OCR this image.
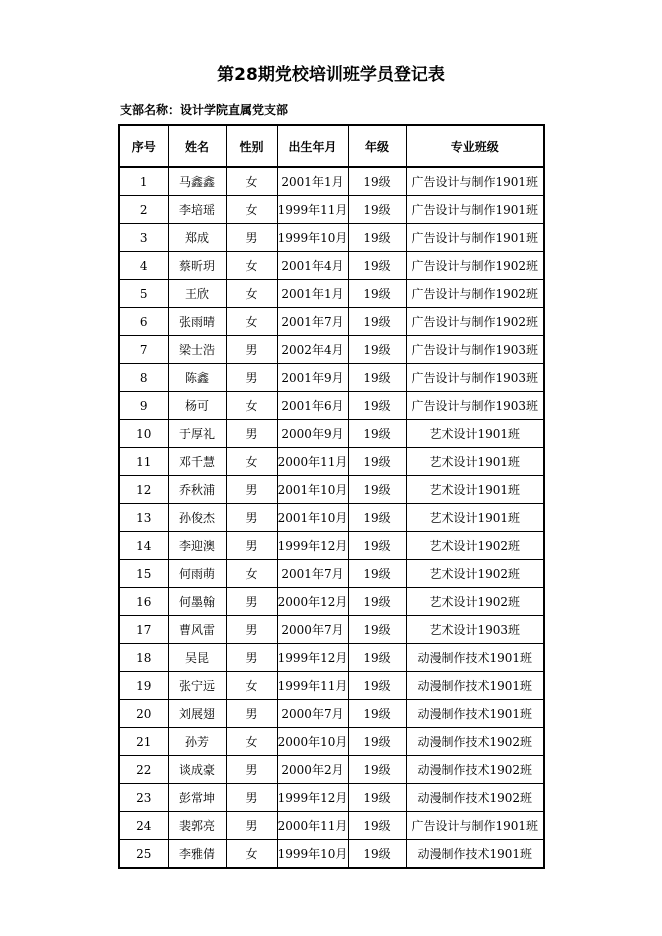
第28期党校培训班学员登记表
支部名称：设计学院直属党支部
序号	姓名	性别	出生年月	年级	专业班级
1	马鑫鑫	女	2001年1月	19级	广告设计与制作1901班
2	李培瑶	女	1999年11月	19级	广告设计与制作1901班
3	郑成	男	1999年10月	19级	广告设计与制作1901班
4	蔡昕玥	女	2001年4月	19级	广告设计与制作1902班
5	王欣	女	2001年1月	19级	广告设计与制作1902班
6	张雨晴	女	2001年7月	19级	广告设计与制作1902班
7	梁士浩	男	2002年4月	19级	广告设计与制作1903班
8	陈鑫	男	2001年9月	19级	广告设计与制作1903班
9	杨可	女	2001年6月	19级	广告设计与制作1903班
10	于厚礼	男	2000年9月	19级	艺术设计1901班
11	邓千慧	女	2000年11月	19级	艺术设计1901班
12	乔秋浦	男	2001年10月	19级	艺术设计1901班
13	孙俊杰	男	2001年10月	19级	艺术设计1901班
14	李迎澳	男	1999年12月	19级	艺术设计1902班
15	何雨萌	女	2001年7月	19级	艺术设计1902班
16	何墨翰	男	2000年12月	19级	艺术设计1902班
17	曹风雷	男	2000年7月	19级	艺术设计1903班
18	吴昆	男	1999年12月	19级	动漫制作技术1901班
19	张宁远	女	1999年11月	19级	动漫制作技术1901班
20	刘展翅	男	2000年7月	19级	动漫制作技术1901班
21	孙芳	女	2000年10月	19级	动漫制作技术1902班
22	谈成豪	男	2000年2月	19级	动漫制作技术1902班
23	彭常坤	男	1999年12月	19级	动漫制作技术1902班
24	裴郭亮	男	2000年11月	19级	广告设计与制作1901班
25	李雅倩	女	1999年10月	19级	动漫制作技术1901班
